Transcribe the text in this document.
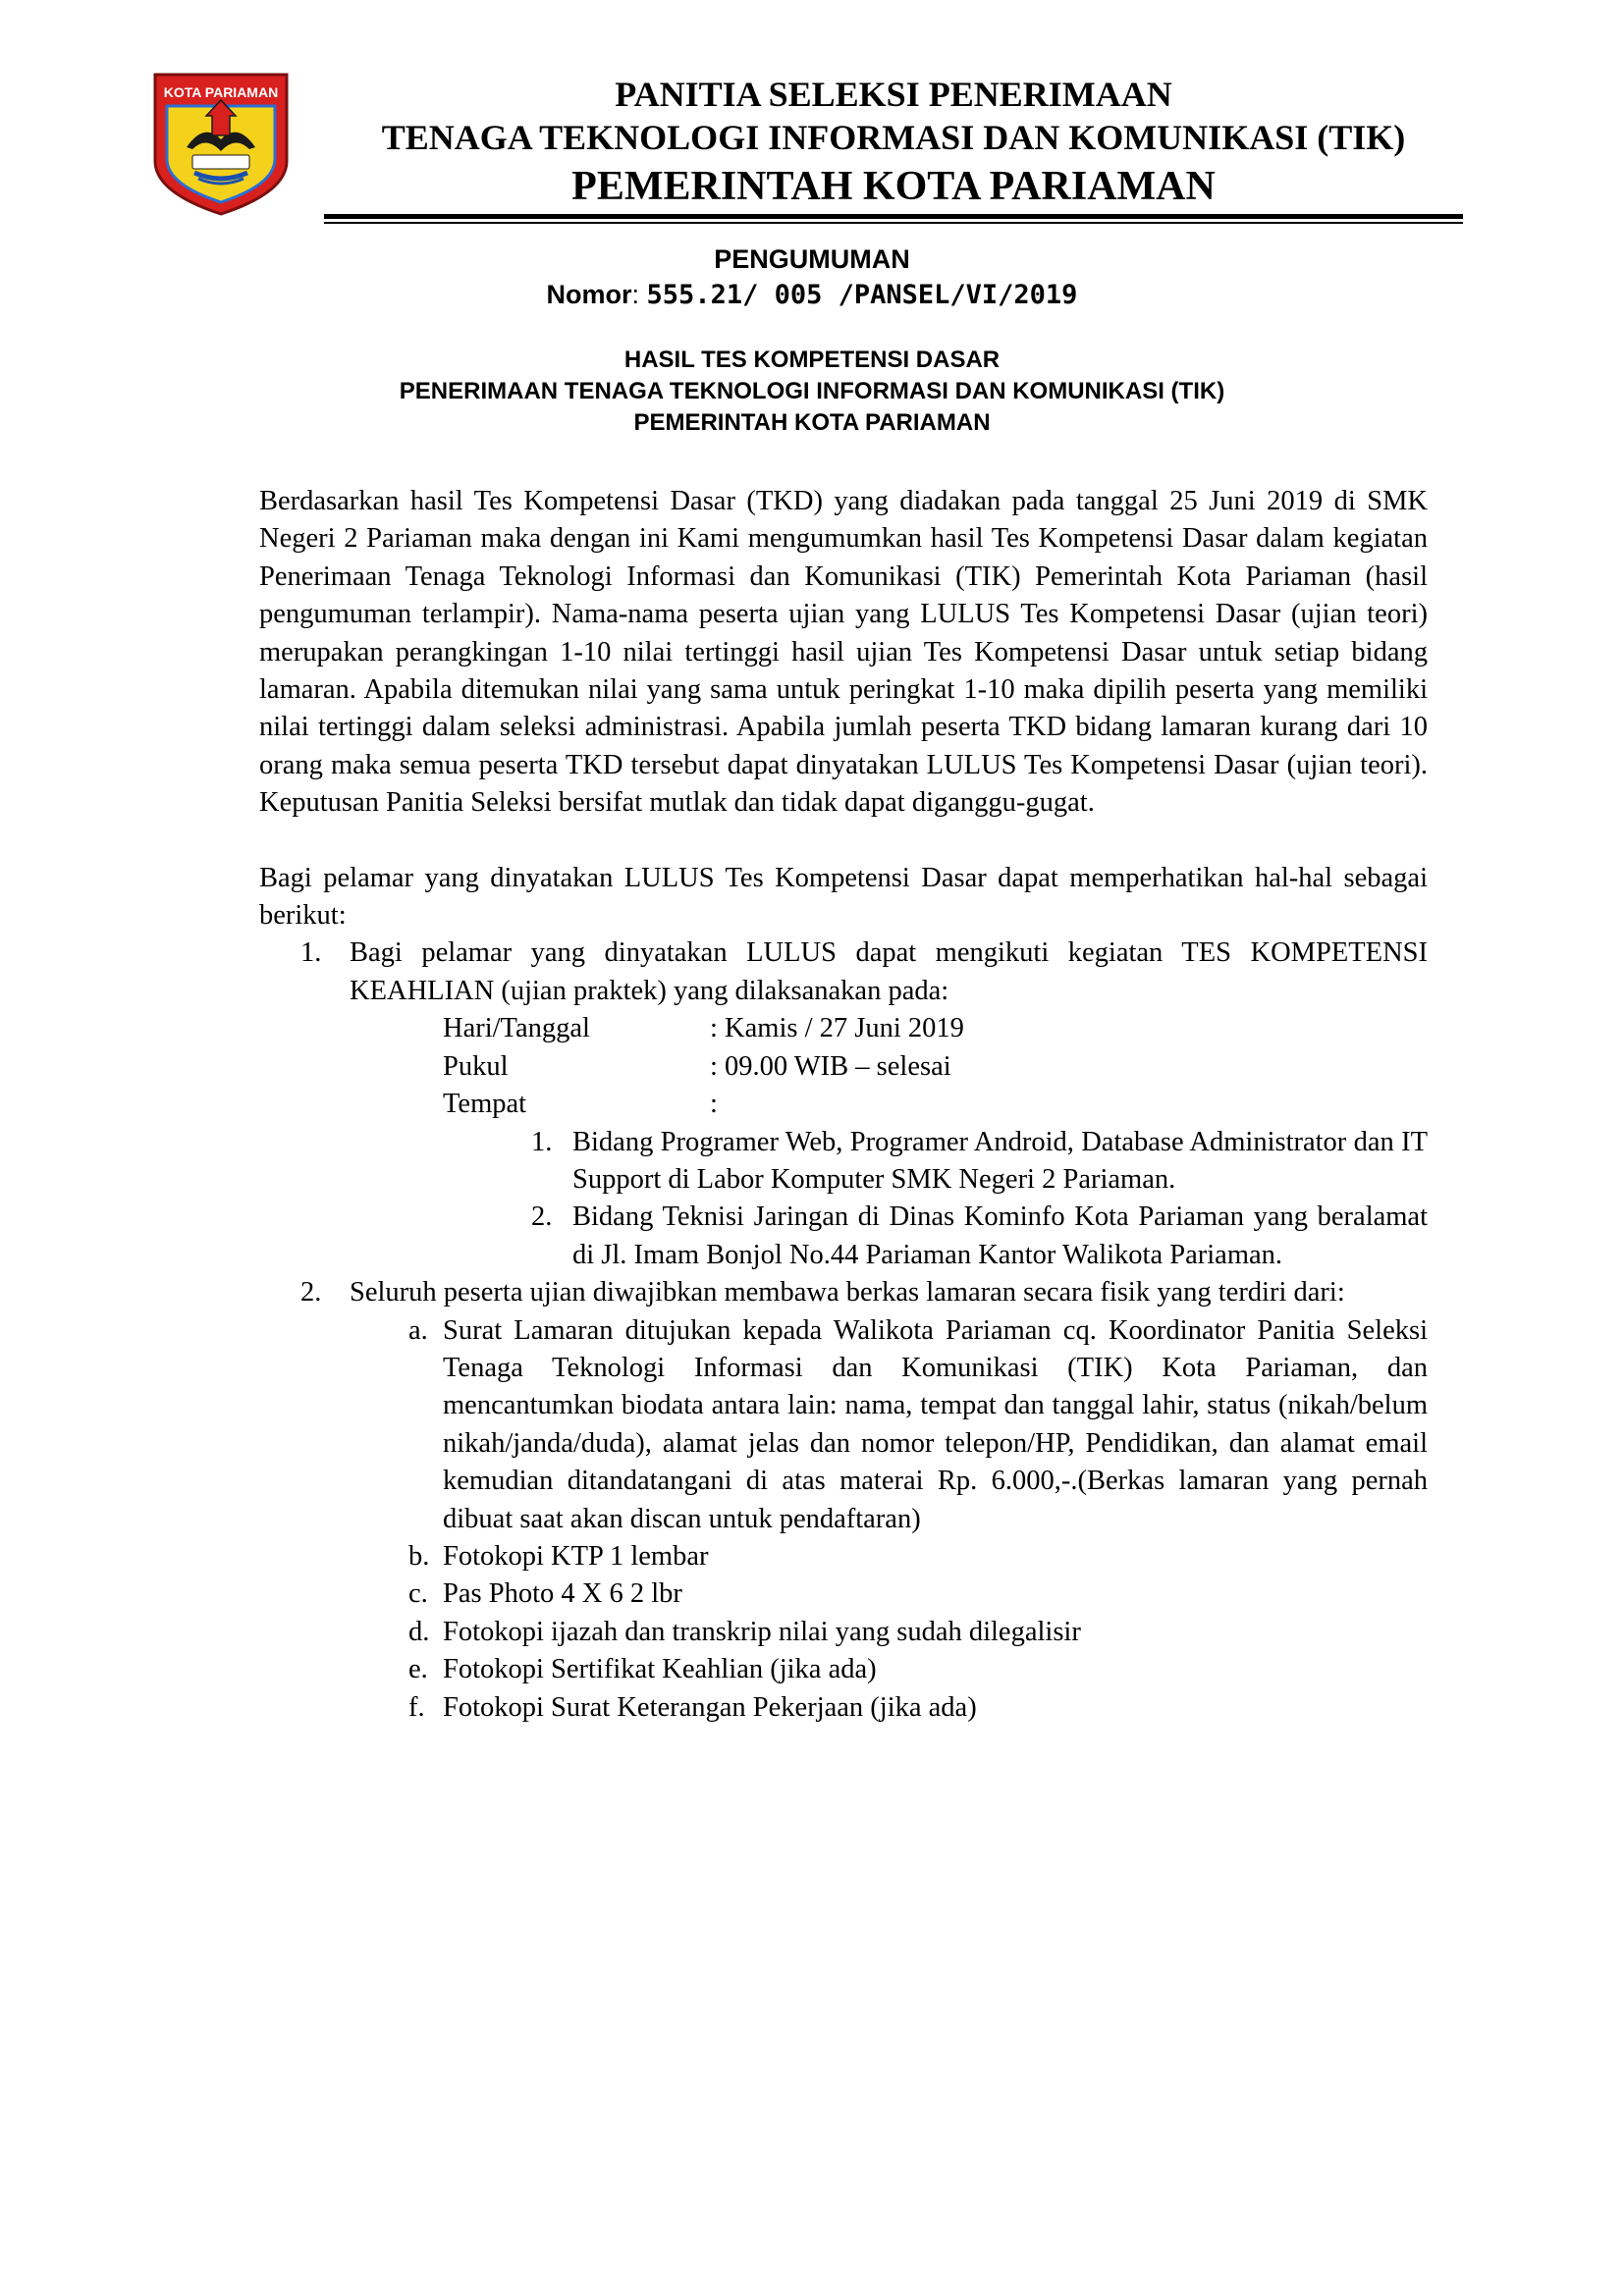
KOTA PARIAMAN	PANITIA SELEKSI PENERIMAAN
TENAGA TEKNOLOGI INFORMASI DAN KOMUNIKASI (TIK)
PEMERINTAH KOTA PARIAMAN
PENGUMUMAN
Nomor: 555.21/ 005 /PANSEL/VI/2019
HASIL TES KOMPETENSI DASAR
PENERIMAAN TENAGA TEKNOLOGI INFORMASI DAN KOMUNIKASI (TIK)
PEMERINTAH KOTA PARIAMAN

Berdasarkan hasil Tes Kompetensi Dasar (TKD) yang diadakan pada tanggal 25 Juni 2019 di SMK Negeri 2 Pariaman maka dengan ini Kami mengumumkan hasil Tes Kompetensi Dasar dalam kegiatan Penerimaan Tenaga Teknologi Informasi dan Komunikasi (TIK) Pemerintah Kota Pariaman (hasil pengumuman terlampir). Nama-nama peserta ujian yang LULUS Tes Kompetensi Dasar (ujian teori) merupakan perangkingan 1-10 nilai tertinggi hasil ujian Tes Kompetensi Dasar untuk setiap bidang lamaran. Apabila ditemukan nilai yang sama untuk peringkat 1-10 maka dipilih peserta yang memiliki nilai tertinggi dalam seleksi administrasi. Apabila jumlah peserta TKD bidang lamaran kurang dari 10 orang maka semua peserta TKD tersebut dapat dinyatakan LULUS Tes Kompetensi Dasar (ujian teori). Keputusan Panitia Seleksi bersifat mutlak dan tidak dapat diganggu-gugat.

Bagi pelamar yang dinyatakan LULUS Tes Kompetensi Dasar dapat memperhatikan hal-hal sebagai berikut:

1. Bagi pelamar yang dinyatakan LULUS dapat mengikuti kegiatan TES KOMPETENSI KEAHLIAN (ujian praktek) yang dilaksanakan pada:
Hari/Tanggal	: Kamis / 27 Juni 2019
Pukul	: 09.00 WIB – selesai
Tempat	:
1. Bidang Programer Web, Programer Android, Database Administrator dan IT Support di Labor Komputer SMK Negeri 2 Pariaman.
2. Bidang Teknisi Jaringan di Dinas Kominfo Kota Pariaman yang beralamat di Jl. Imam Bonjol No.44 Pariaman Kantor Walikota Pariaman.
2. Seluruh peserta ujian diwajibkan membawa berkas lamaran secara fisik yang terdiri dari:
a. Surat Lamaran ditujukan kepada Walikota Pariaman cq. Koordinator Panitia Seleksi Tenaga Teknologi Informasi dan Komunikasi (TIK) Kota Pariaman, dan mencantumkan biodata antara lain: nama, tempat dan tanggal lahir, status (nikah/belum nikah/janda/duda), alamat jelas dan nomor telepon/HP, Pendidikan, dan alamat email kemudian ditandatangani di atas materai Rp. 6.000,-.(Berkas lamaran yang pernah dibuat saat akan discan untuk pendaftaran)
b. Fotokopi KTP 1 lembar
c. Pas Photo 4 X 6 2 lbr
d. Fotokopi ijazah dan transkrip nilai yang sudah dilegalisir
e. Fotokopi Sertifikat Keahlian (jika ada)
f. Fotokopi Surat Keterangan Pekerjaan (jika ada)
